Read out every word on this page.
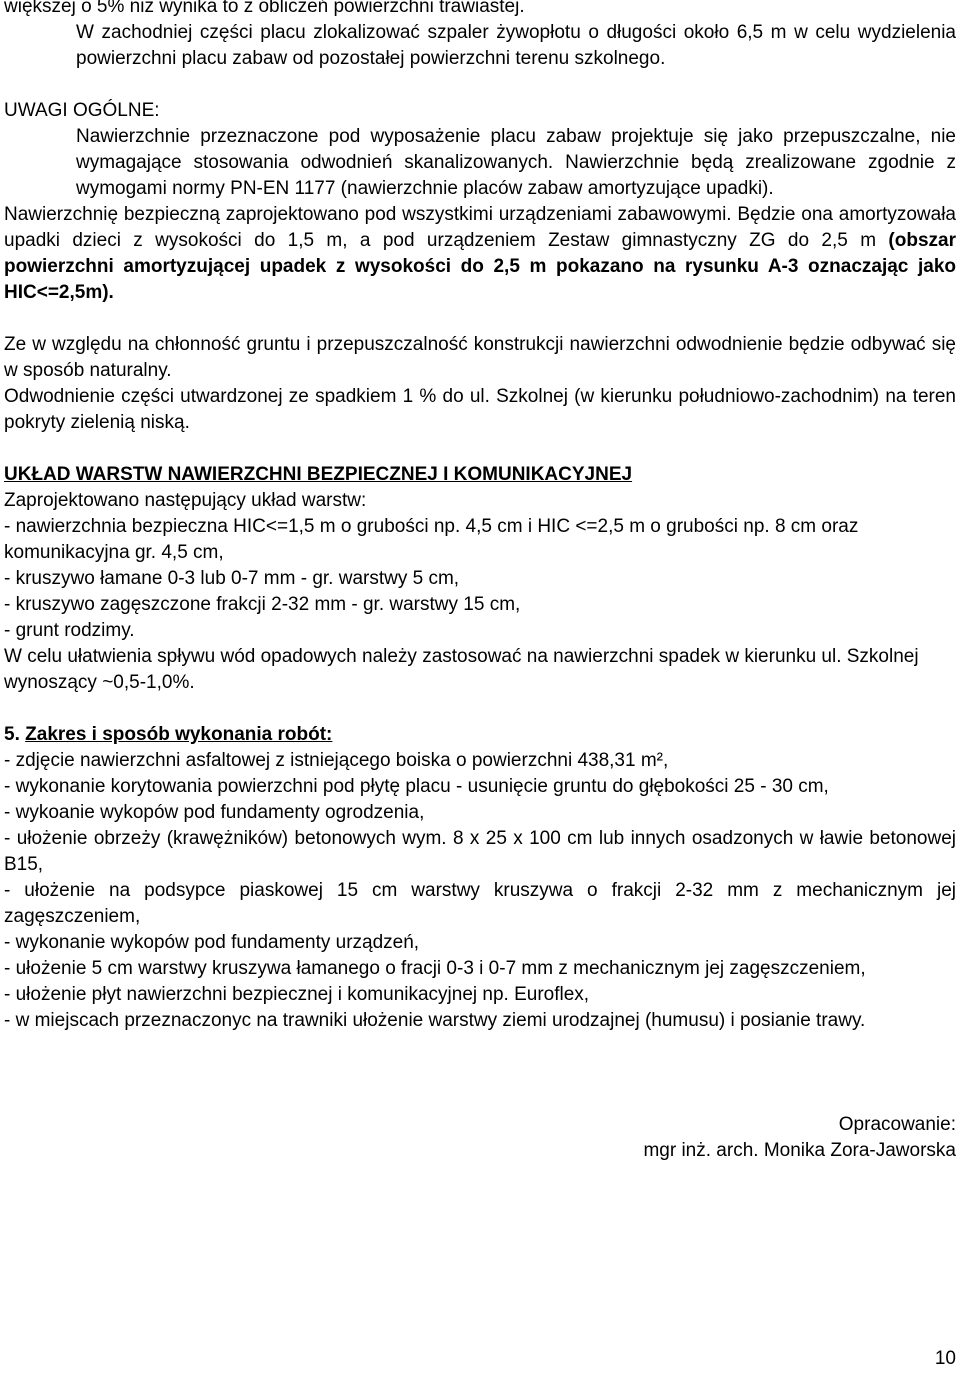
większej o 5% niż wynika to z obliczeń powierzchni trawiastej.

W zachodniej części placu zlokalizować szpaler żywopłotu o długości około 6,5 m w celu wydzielenia powierzchni placu zabaw od pozostałej powierzchni terenu szkolnego.

UWAGI OGÓLNE:

Nawierzchnie przeznaczone pod wyposażenie placu zabaw projektuje się jako przepuszczalne, nie wymagające stosowania odwodnień skanalizowanych. Nawierzchnie będą zrealizowane zgodnie z wymogami normy PN-EN 1177 (nawierzchnie placów zabaw amortyzujące upadki).

Nawierzchnię bezpieczną zaprojektowano pod wszystkimi urządzeniami zabawowymi. Będzie ona amortyzowała upadki dzieci z wysokości do 1,5 m, a pod urządzeniem Zestaw gimnastyczny ZG do 2,5 m (obszar powierzchni amortyzującej upadek z wysokości do 2,5 m pokazano na rysunku A-3 oznaczając jako HIC<=2,5m).

Ze w względu na chłonność gruntu i przepuszczalność konstrukcji nawierzchni odwodnienie będzie odbywać się w sposób naturalny.

Odwodnienie części utwardzonej ze spadkiem 1 % do ul. Szkolnej (w kierunku południowo-zachodnim) na teren pokryty zielenią niską.

UKŁAD WARSTW NAWIERZCHNI BEZPIECZNEJ I KOMUNIKACYJNEJ

Zaprojektowano następujący układ warstw:

- nawierzchnia bezpieczna HIC<=1,5 m o grubości np. 4,5 cm i HIC <=2,5 m o grubości np. 8 cm oraz komunikacyjna gr. 4,5 cm,

- kruszywo łamane 0-3 lub 0-7 mm - gr. warstwy 5 cm,

- kruszywo zagęszczone frakcji 2-32 mm - gr. warstwy 15 cm,

- grunt rodzimy.

W celu ułatwienia spływu wód opadowych należy zastosować na nawierzchni spadek w kierunku ul. Szkolnej wynoszący ~0,5-1,0%.

5. Zakres i sposób wykonania robót:

- zdjęcie nawierzchni asfaltowej z istniejącego boiska o powierzchni 438,31 m²,

- wykonanie korytowania powierzchni pod płytę placu - usunięcie gruntu do głębokości 25 - 30 cm,

- wykoanie wykopów pod fundamenty ogrodzenia,

- ułożenie obrzeży (krawężników) betonowych wym. 8 x 25 x 100 cm lub innych osadzonych w ławie betonowej B15,

- ułożenie na podsypce piaskowej 15 cm warstwy kruszywa o frakcji 2-32 mm z mechanicznym jej zagęszczeniem,

- wykonanie wykopów pod fundamenty urządzeń,

- ułożenie 5 cm warstwy kruszywa łamanego o fracji 0-3 i 0-7 mm z mechanicznym jej zagęszczeniem,

- ułożenie płyt nawierzchni bezpiecznej i komunikacyjnej np. Euroflex,

- w miejscach przeznaczonyc na trawniki ułożenie warstwy ziemi urodzajnej (humusu) i posianie trawy.

Opracowanie:

mgr inż. arch. Monika Zora-Jaworska

10
